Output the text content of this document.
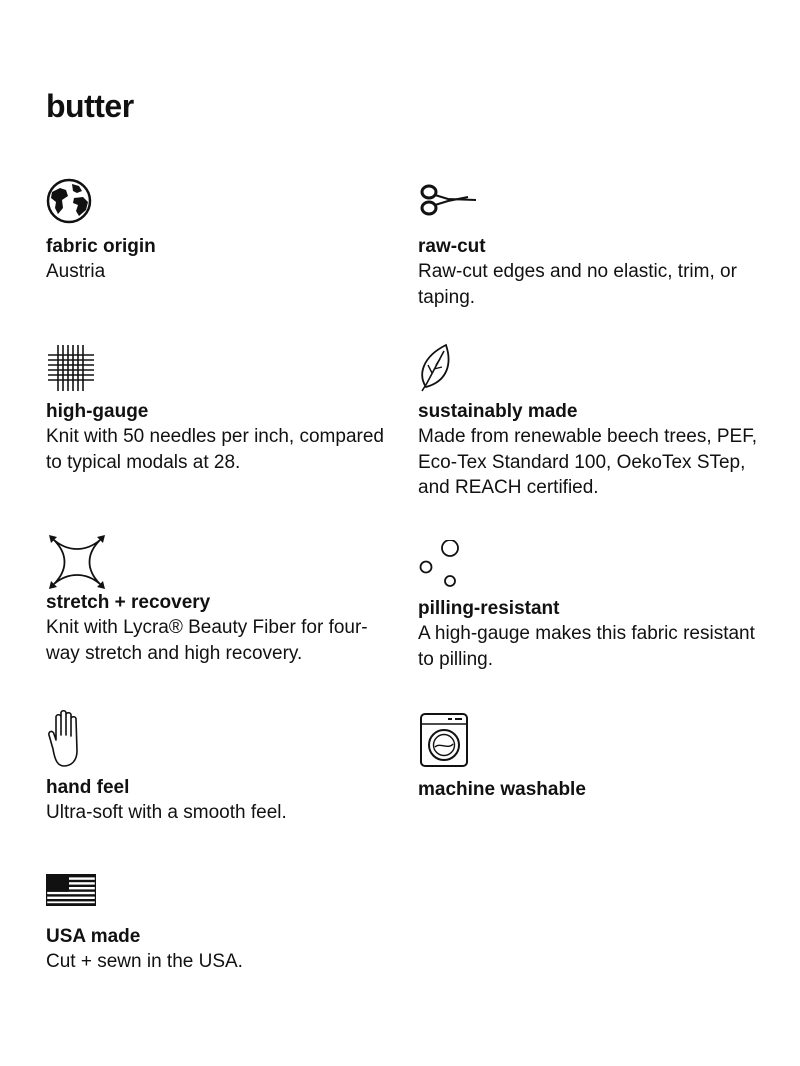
butter
fabric origin

Austria

raw-cut

Raw-cut edges and no elastic, trim, or taping.

high-gauge

Knit with 50 needles per inch, compared to typical modals at 28.

sustainably made

Made from renewable beech trees, PEF, Eco-Tex Standard 100, OekoTex STep, and REACH certified.

stretch + recovery

Knit with Lycra® Beauty Fiber for four-way stretch and high recovery.

pilling-resistant

A high-gauge makes this fabric resistant to pilling.

hand feel

Ultra-soft with a smooth feel.

machine washable

USA made

Cut + sewn in the USA.
